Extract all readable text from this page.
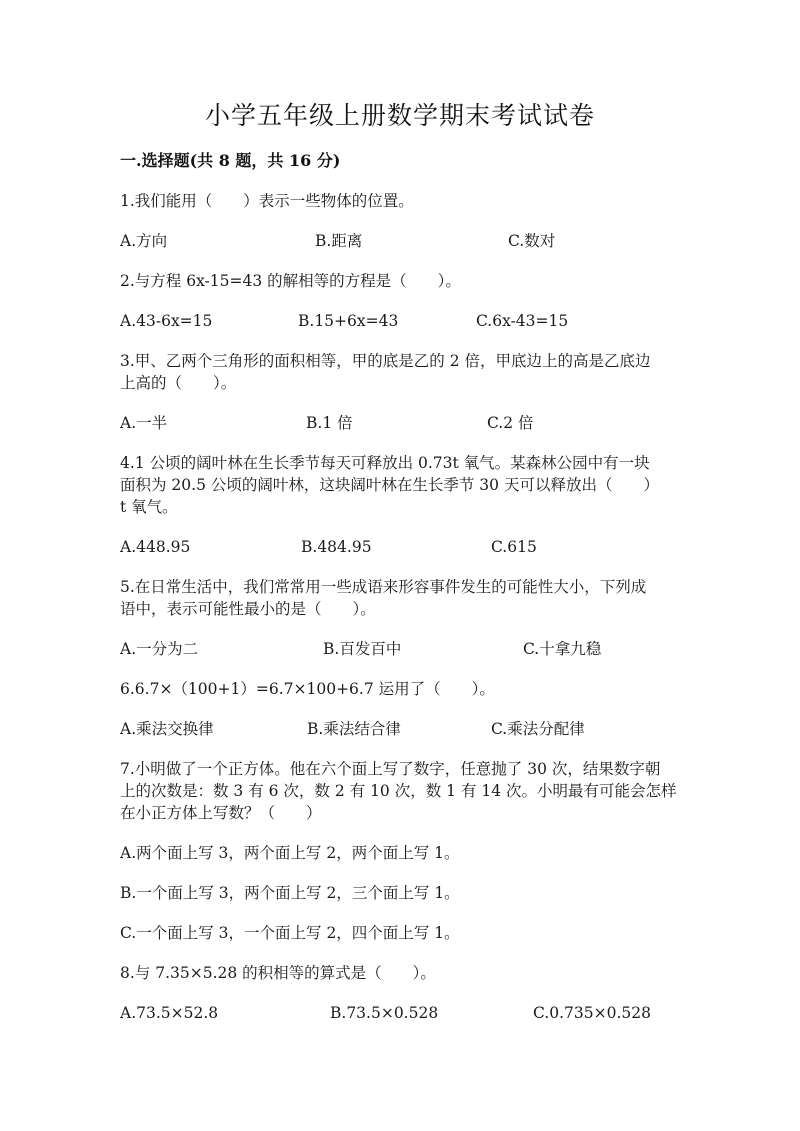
小学五年级上册数学期末考试试卷
一.选择题(共 8 题，共 16 分)

1.我们能用（　　）表示一些物体的位置。

A.方向	B.距离	C.数对

2.与方程 6x-15=43 的解相等的方程是（　　）。

A.43-6x=15	B.15+6x=43	C.6x-43=15

3.甲、乙两个三角形的面积相等，甲的底是乙的 2 倍，甲底边上的高是乙底边

上高的（　　）。

A.一半	B.1 倍	C.2 倍

4.1 公顷的阔叶林在生长季节每天可释放出 0.73t 氧气。某森林公园中有一块

面积为 20.5 公顷的阔叶林，这块阔叶林在生长季节 30 天可以释放出（　　）

t 氧气。

A.448.95	B.484.95	C.615

5.在日常生活中，我们常常用一些成语来形容事件发生的可能性大小，下列成

语中，表示可能性最小的是（　　）。

A.一分为二	B.百发百中	C.十拿九稳

6.6.7×（100+1）=6.7×100+6.7 运用了（　　）。

A.乘法交换律	B.乘法结合律	C.乘法分配律

7.小明做了一个正方体。他在六个面上写了数字，任意抛了 30 次，结果数字朝

上的次数是：数 3 有 6 次，数 2 有 10 次，数 1 有 14 次。小明最有可能会怎样

在小正方体上写数？（　　）

A.两个面上写 3，两个面上写 2，两个面上写 1。
B.一个面上写 3，两个面上写 2，三个面上写 1。
C.一个面上写 3，一个面上写 2，四个面上写 1。

8.与 7.35×5.28 的积相等的算式是（　　）。

A.73.5×52.8	B.73.5×0.528	C.0.735×0.528
